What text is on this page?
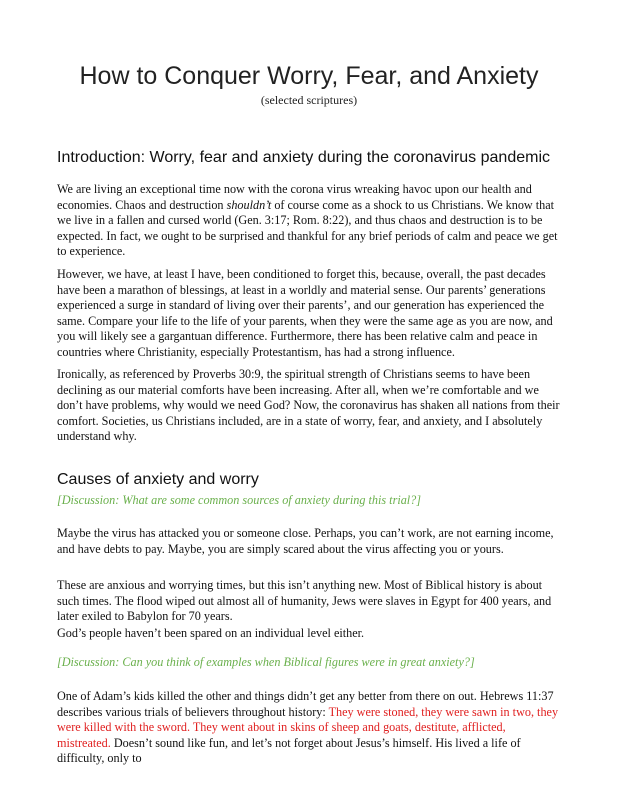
How to Conquer Worry, Fear, and Anxiety
(selected scriptures)
Introduction: Worry, fear and anxiety during the coronavirus pandemic

We are living an exceptional time now with the corona virus wreaking havoc upon our health and economies. Chaos and destruction shouldn’t of course come as a shock to us Christians. We know that we live in a fallen and cursed world (Gen. 3:17; Rom. 8:22), and thus chaos and destruction is to be expected. In fact, we ought to be surprised and thankful for any brief periods of calm and peace we get to experience.

However, we have, at least I have, been conditioned to forget this, because, overall, the past decades have been a marathon of blessings, at least in a worldly and material sense. Our parents’ generations experienced a surge in standard of living over their parents’, and our generation has experienced the same. Compare your life to the life of your parents, when they were the same age as you are now, and you will likely see a gargantuan difference. Furthermore, there has been relative calm and peace in countries where Christianity, especially Protestantism, has had a strong influence.

Ironically, as referenced by Proverbs 30:9, the spiritual strength of Christians seems to have been declining as our material comforts have been increasing. After all, when we’re comfortable and we don’t have problems, why would we need God? Now, the coronavirus has shaken all nations from their comfort. Societies, us Christians included, are in a state of worry, fear, and anxiety, and I absolutely understand why.

Causes of anxiety and worry

[Discussion: What are some common sources of anxiety during this trial?]

Maybe the virus has attacked you or someone close. Perhaps, you can’t work, are not earning income, and have debts to pay. Maybe, you are simply scared about the virus affecting you or yours.

These are anxious and worrying times, but this isn’t anything new. Most of Biblical history is about such times. The flood wiped out almost all of humanity, Jews were slaves in Egypt for 400 years, and later exiled to Babylon for 70 years.

God’s people haven’t been spared on an individual level either.

[Discussion: Can you think of examples when Biblical figures were in great anxiety?]

One of Adam’s kids killed the other and things didn’t get any better from there on out. Hebrews 11:37 describes various trials of believers throughout history: They were stoned, they were sawn in two, they were killed with the sword. They went about in skins of sheep and goats, destitute, afflicted, mistreated. Doesn’t sound like fun, and let’s not forget about Jesus’s himself. His lived a life of difficulty, only to
